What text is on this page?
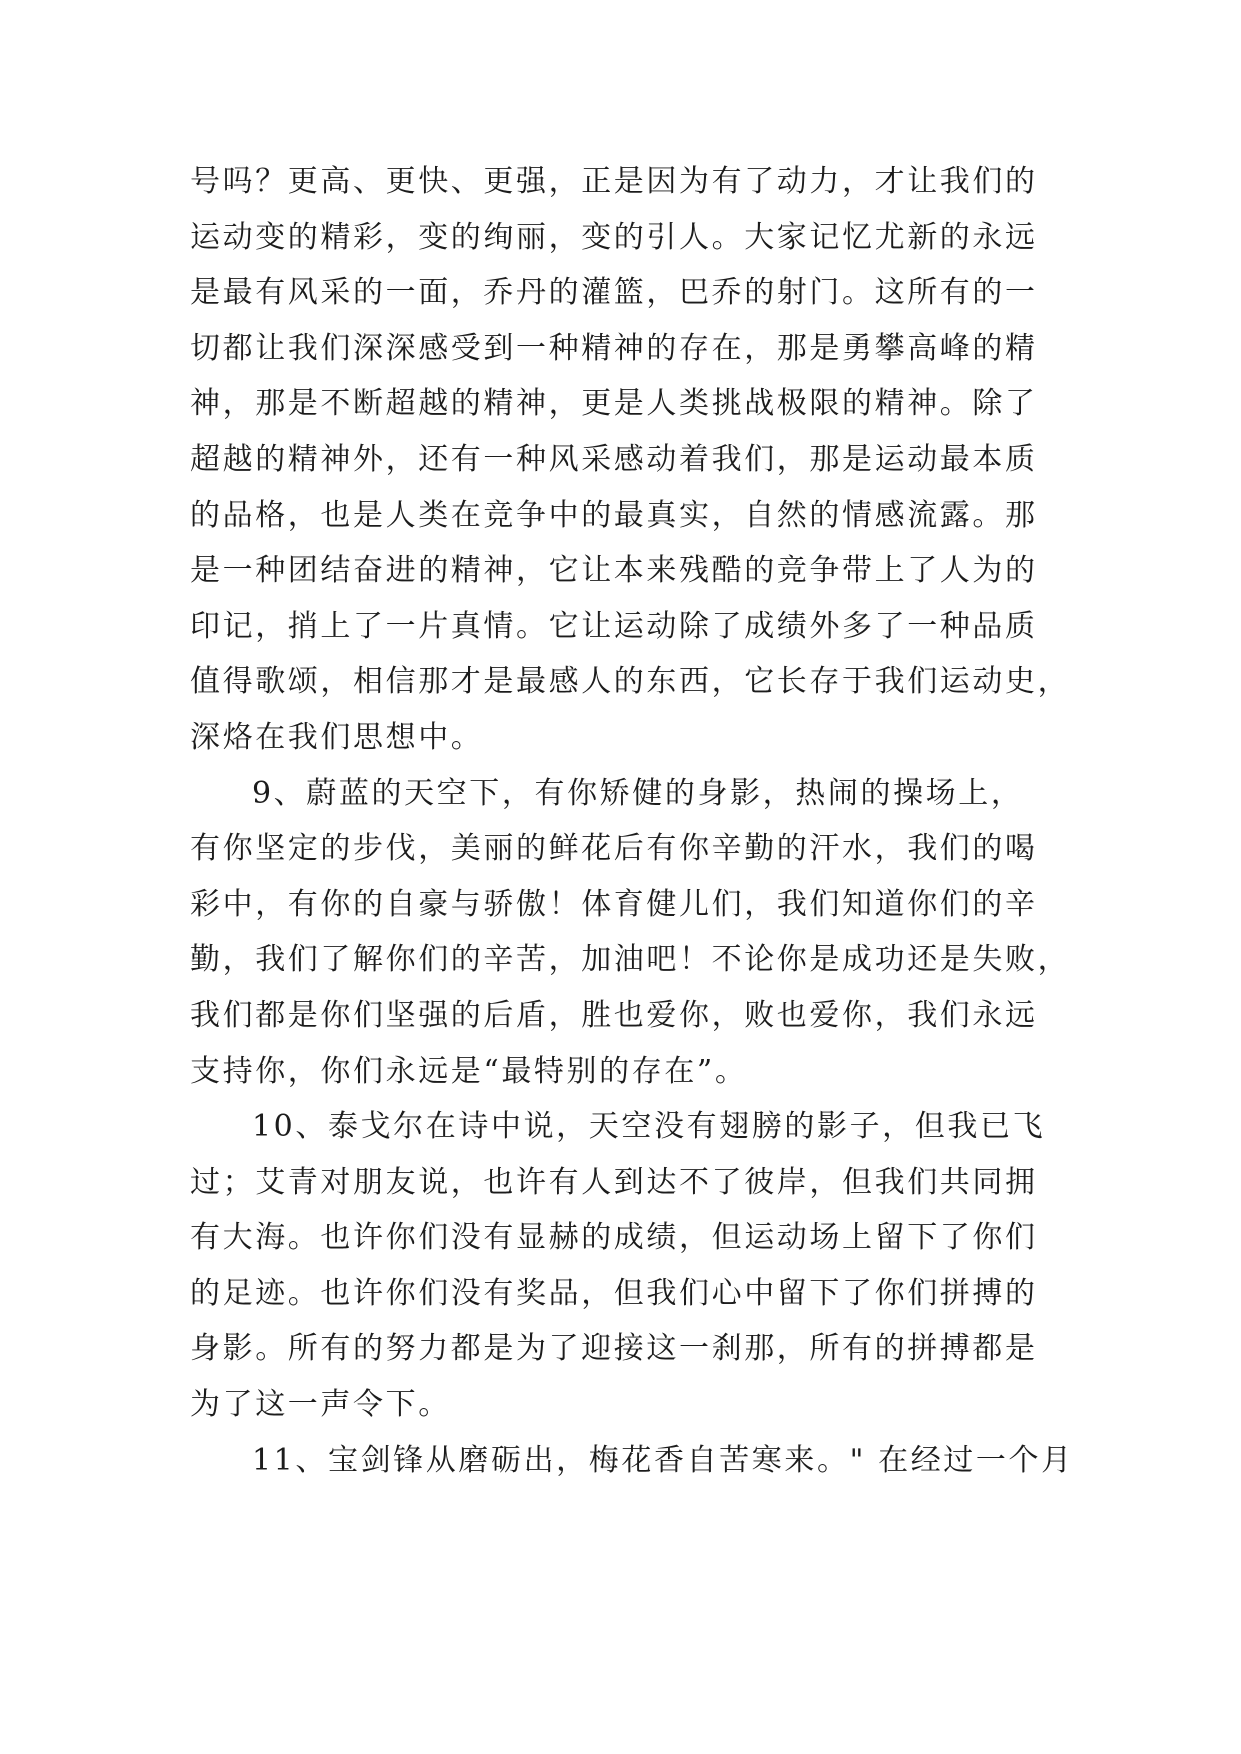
号吗？更高、更快、更强，正是因为有了动力，才让我们的
运动变的精彩，变的绚丽，变的引人。大家记忆尤新的永远
是最有风采的一面，乔丹的灌篮，巴乔的射门。这所有的一
切都让我们深深感受到一种精神的存在，那是勇攀高峰的精
神，那是不断超越的精神，更是人类挑战极限的精神。除了
超越的精神外，还有一种风采感动着我们，那是运动最本质
的品格，也是人类在竞争中的最真实，自然的情感流露。那
是一种团结奋进的精神，它让本来残酷的竞争带上了人为的
印记，捎上了一片真情。它让运动除了成绩外多了一种品质
值得歌颂，相信那才是最感人的东西，它长存于我们运动史，
深烙在我们思想中。
9、蔚蓝的天空下，有你矫健的身影，热闹的操场上，
有你坚定的步伐，美丽的鲜花后有你辛勤的汗水，我们的喝
彩中，有你的自豪与骄傲！体育健儿们，我们知道你们的辛
勤，我们了解你们的辛苦，加油吧！不论你是成功还是失败，
我们都是你们坚强的后盾，胜也爱你，败也爱你，我们永远
支持你，你们永远是“最特别的存在”。
10、泰戈尔在诗中说，天空没有翅膀的影子，但我已飞
过；艾青对朋友说，也许有人到达不了彼岸，但我们共同拥
有大海。也许你们没有显赫的成绩，但运动场上留下了你们
的足迹。也许你们没有奖品，但我们心中留下了你们拼搏的
身影。所有的努力都是为了迎接这一刹那，所有的拼搏都是
为了这一声令下。
11、宝剑锋从磨砺出，梅花香自苦寒来。" 在经过一个月
